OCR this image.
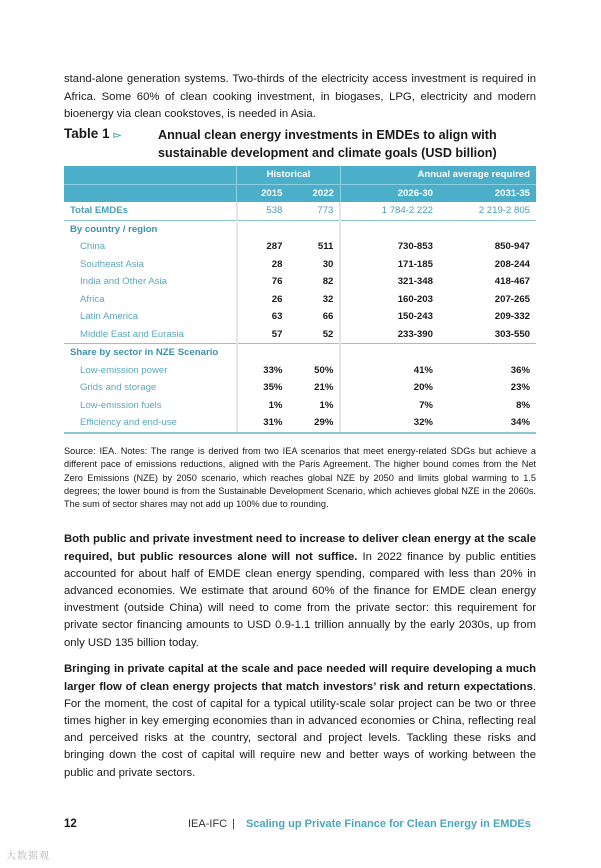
stand-alone generation systems. Two-thirds of the electricity access investment is required in Africa. Some 60% of clean cooking investment, in biogases, LPG, electricity and modern bioenergy via clean cookstoves, is needed in Asia.

Table 1 ▻	Annual clean energy investments in EMDEs to align with sustainable development and climate goals (USD billion)
	Historical		Annual average required	
	2015	2022	2026-30	2031-35
Total EMDEs	538	773	1 784-2 222	2 219-2 805
By country / region				
China	287	511	730-853	850-947
Southeast Asia	28	30	171-185	208-244
India and Other Asia	76	82	321-348	418-467
Africa	26	32	160-203	207-265
Latin America	63	66	150-243	209-332
Middle East and Eurasia	57	52	233-390	303-550
Share by sector in NZE Scenario				
Low-emission power	33%	50%	41%	36%
Grids and storage	35%	21%	20%	23%
Low-emission fuels	1%	1%	7%	8%
Efficiency and end-use	31%	29%	32%	34%

Source: IEA. Notes: The range is derived from two IEA scenarios that meet energy-related SDGs but achieve a different pace of emissions reductions, aligned with the Paris Agreement. The higher bound comes from the Net Zero Emissions (NZE) by 2050 scenario, which reaches global NZE by 2050 and limits global warming to 1.5 degrees; the lower bound is from the Sustainable Development Scenario, which achieves global NZE in the 2060s. The sum of sector shares may not add up 100% due to rounding.

Both public and private investment need to increase to deliver clean energy at the scale required, but public resources alone will not suffice. In 2022 finance by public entities accounted for about half of EMDE clean energy spending, compared with less than 20% in advanced economies. We estimate that around 60% of the finance for EMDE clean energy investment (outside China) will need to come from the private sector: this requirement for private sector financing amounts to USD 0.9-1.1 trillion annually by the early 2030s, up from only USD 135 billion today.

Bringing in private capital at the scale and pace needed will require developing a much larger flow of clean energy projects that match investors’ risk and return expectations. For the moment, the cost of capital for a typical utility-scale solar project can be two or three times higher in key emerging economies than in advanced economies or China, reflecting real and perceived risks at the country, sectoral and project levels. Tackling these risks and bringing down the cost of capital will require new and better ways of working between the public and private sectors.

12	IEA-IFC | Scaling up Private Finance for Clean Energy in EMDEs
大数据观
